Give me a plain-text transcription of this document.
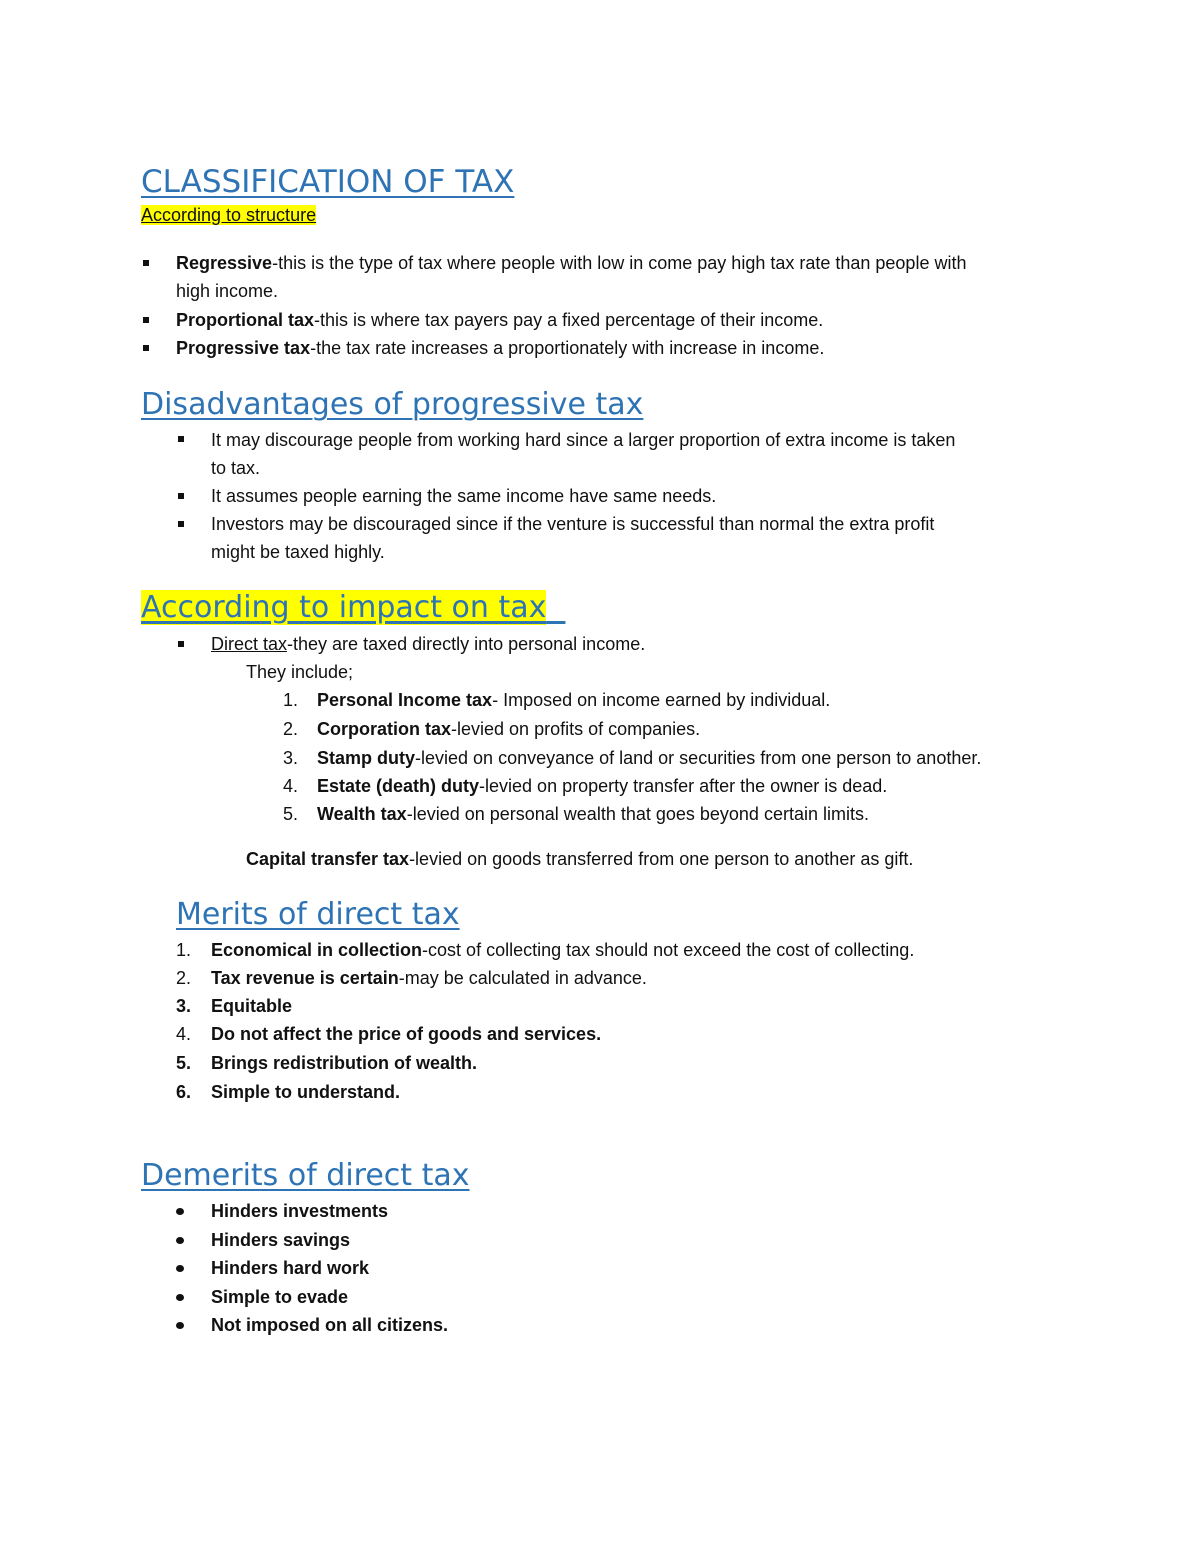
CLASSIFICATION OF TAX
According to structure
Regressive-this is the type of tax where people with low in come pay high tax rate than people with
high income.
Proportional tax-this is where tax payers pay a fixed percentage of their income.
Progressive tax-the tax rate increases a proportionately with increase in income.
Disadvantages of progressive tax
It may discourage people from working hard since a larger proportion of extra income is taken
to tax.
It assumes people earning the same income have same needs.
Investors may be discouraged since if the venture is successful than normal the extra profit
might be taxed highly.
According to impact on tax
Direct tax-they are taxed directly into personal income.
They include;
1. Personal Income tax- Imposed on income earned by individual.
2. Corporation tax-levied on profits of companies.
3. Stamp duty-levied on conveyance of land or securities from one person to another.
4. Estate (death) duty-levied on property transfer after the owner is dead.
5. Wealth tax-levied on personal wealth that goes beyond certain limits.
Capital transfer tax-levied on goods transferred from one person to another as gift.
Merits of direct tax
1. Economical in collection-cost of collecting tax should not exceed the cost of collecting.
2. Tax revenue is certain-may be calculated in advance.
3. Equitable
4. Do not affect the price of goods and services.
5. Brings redistribution of wealth.
6. Simple to understand.
Demerits of direct tax
Hinders investments
Hinders savings
Hinders hard work
Simple to evade
Not imposed on all citizens.
